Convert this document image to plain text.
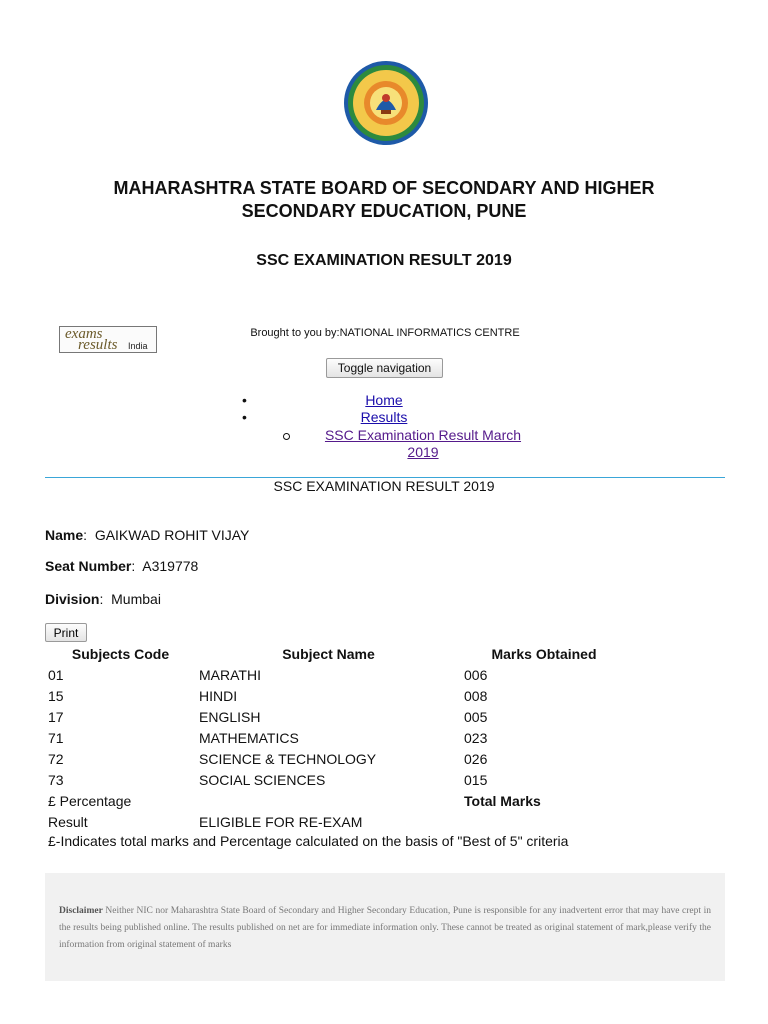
MAHARASHTRA STATE BOARD OF SECONDARY AND HIGHER SECONDARY EDUCATION, PUNE
SSC EXAMINATION RESULT 2019
exams
results India
Brought to you by:NATIONAL INFORMATICS CENTRE
Toggle navigation
•	Home
•	Results
SSC Examination Result March 2019
SSC EXAMINATION RESULT 2019
Name:  GAIKWAD ROHIT VIJAY
Seat Number:  A319778
Division:  Mumbai
Print
Subjects Code	Subject Name	Marks Obtained
01	MARATHI	006
15	HINDI	008
17	ENGLISH	005
71	MATHEMATICS	023
72	SCIENCE & TECHNOLOGY	026
73	SOCIAL SCIENCES	015
£ Percentage		Total Marks
Result	ELIGIBLE FOR RE-EXAM	
£-Indicates total marks and Percentage calculated on the basis of "Best of 5" criteria
Disclaimer Neither NIC nor Maharashtra State Board of Secondary and Higher Secondary Education, Pune is responsible for any inadvertent error that may have crept in the results being published online. The results published on net are for immediate information only. These cannot be treated as original statement of mark,please verify the information from original statement of marks
